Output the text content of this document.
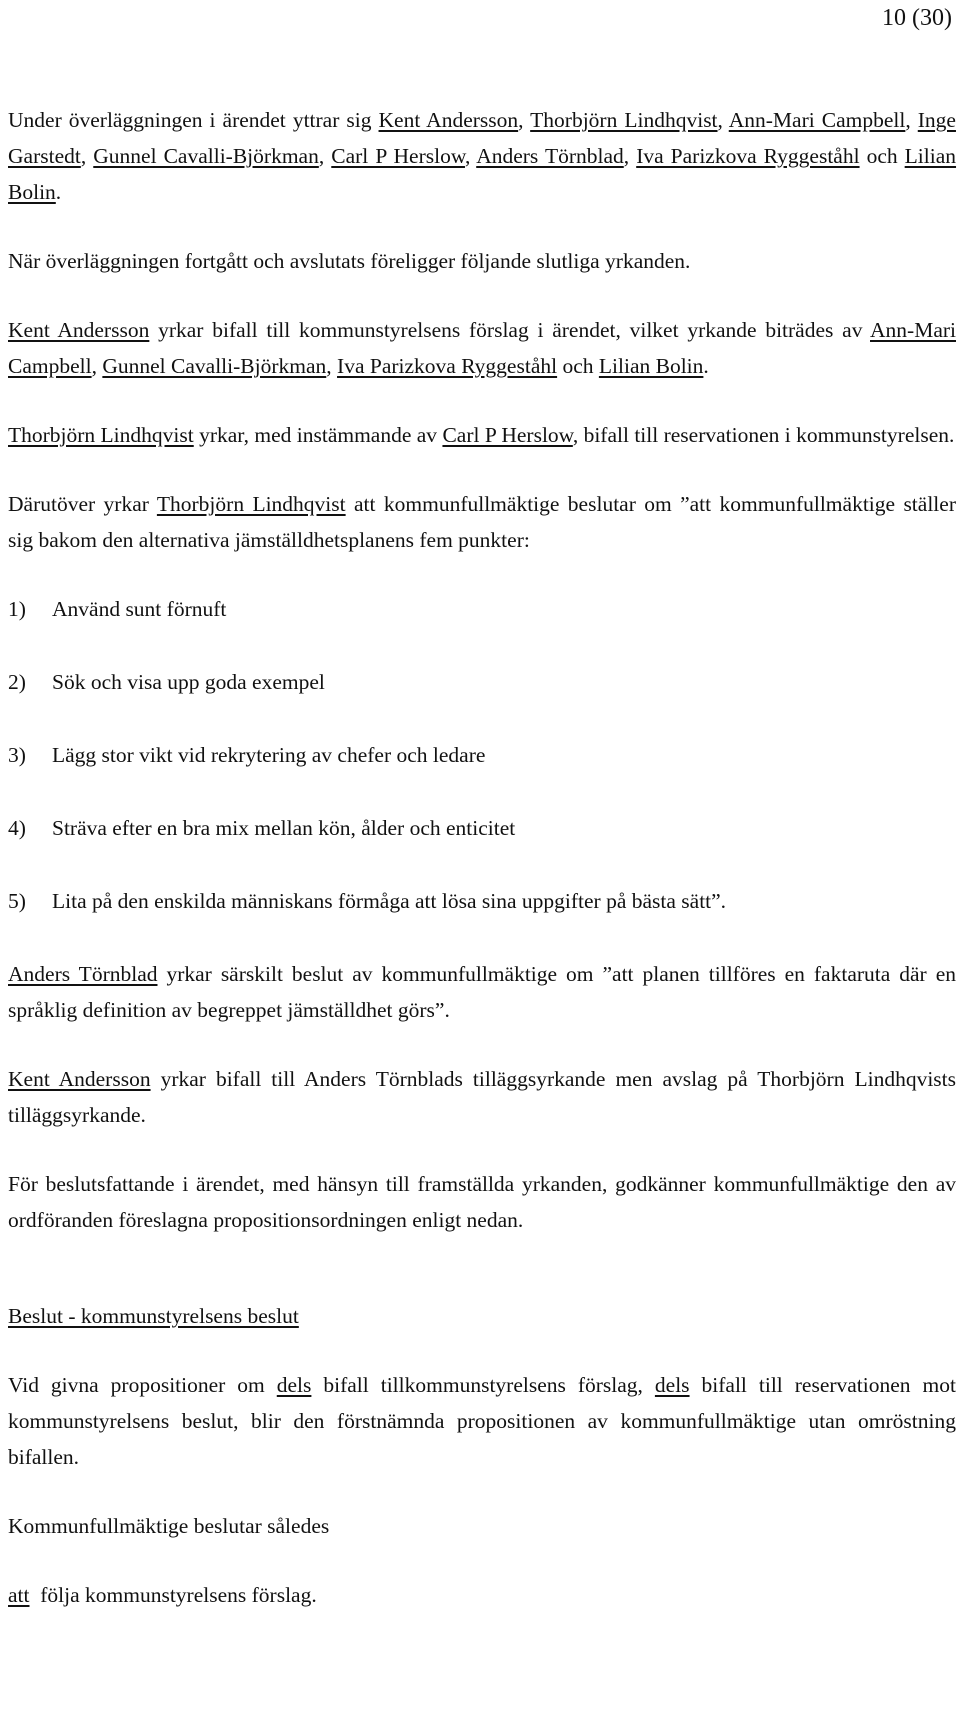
10 (30)

Under överläggningen i ärendet yttrar sig Kent Andersson, Thorbjörn Lindhqvist, Ann-Mari Campbell, Inge Garstedt, Gunnel Cavalli-Björkman, Carl P Herslow, Anders Törnblad, Iva Parizkova Ryggeståhl och Lilian Bolin.

När överläggningen fortgått och avslutats föreligger följande slutliga yrkanden.

Kent Andersson yrkar bifall till kommunstyrelsens förslag i ärendet, vilket yrkande biträdes av Ann-Mari Campbell, Gunnel Cavalli-Björkman, Iva Parizkova Ryggeståhl och Lilian Bolin.

Thorbjörn Lindhqvist yrkar, med instämmande av Carl P Herslow, bifall till reservationen i kommunstyrelsen.

Därutöver yrkar Thorbjörn Lindhqvist att kommunfullmäktige beslutar om ”att kommunfullmäktige ställer sig bakom den alternativa jämställdhetsplanens fem punkter:

1)	Använd sunt förnuft
2)	Sök och visa upp goda exempel
3)	Lägg stor vikt vid rekrytering av chefer och ledare
4)	Sträva efter en bra mix mellan kön, ålder och enticitet
5)	Lita på den enskilda människans förmåga att lösa sina uppgifter på bästa sätt”.

Anders Törnblad yrkar särskilt beslut av kommunfullmäktige om ”att planen tillföres en faktaruta där en språklig definition av begreppet jämställdhet görs”.

Kent Andersson yrkar bifall till Anders Törnblads tilläggsyrkande men avslag på Thorbjörn Lindhqvists tilläggsyrkande.

För beslutsfattande i ärendet, med hänsyn till framställda yrkanden, godkänner kommunfullmäktige den av ordföranden föreslagna propositionsordningen enligt nedan.

Beslut - kommunstyrelsens beslut

Vid givna propositioner om dels bifall tillkommunstyrelsens förslag, dels bifall till reservationen mot kommunstyrelsens beslut, blir den förstnämnda propositionen av kommunfullmäktige utan omröstning bifallen.

Kommunfullmäktige beslutar således

att  följa kommunstyrelsens förslag.
